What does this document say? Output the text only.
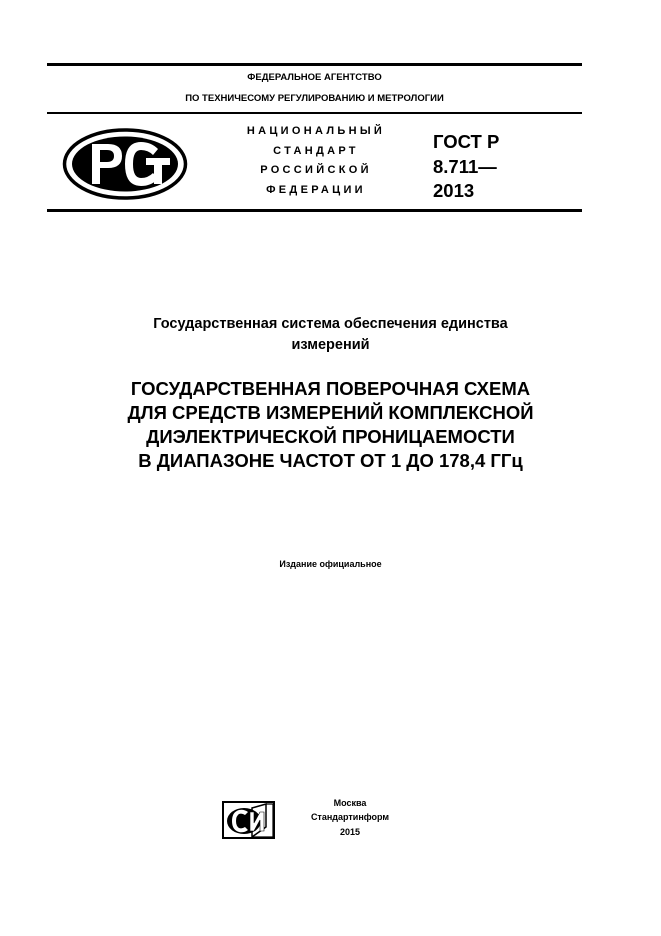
ФЕДЕРАЛЬНОЕ АГЕНТСТВО
ПО ТЕХНИЧЕСОМУ РЕГУЛИРОВАНИЮ И МЕТРОЛОГИИ
НАЦИОНАЛЬНЫЙ
СТАНДАРТ
РОССИЙСКОЙ
ФЕДЕРАЦИИ
ГОСТ Р
8.711—
2013
Государственная система обеспечения единства
измерений
ГОСУДАРСТВЕННАЯ ПОВЕРОЧНАЯ СХЕМА
ДЛЯ СРЕДСТВ ИЗМЕРЕНИЙ КОМПЛЕКСНОЙ
ДИЭЛЕКТРИЧЕСКОЙ ПРОНИЦАЕМОСТИ
В ДИАПАЗОНЕ ЧАСТОТ ОТ 1 ДО 178,4 ГГц
Издание официальное
Москва
Стандартинформ
2015
